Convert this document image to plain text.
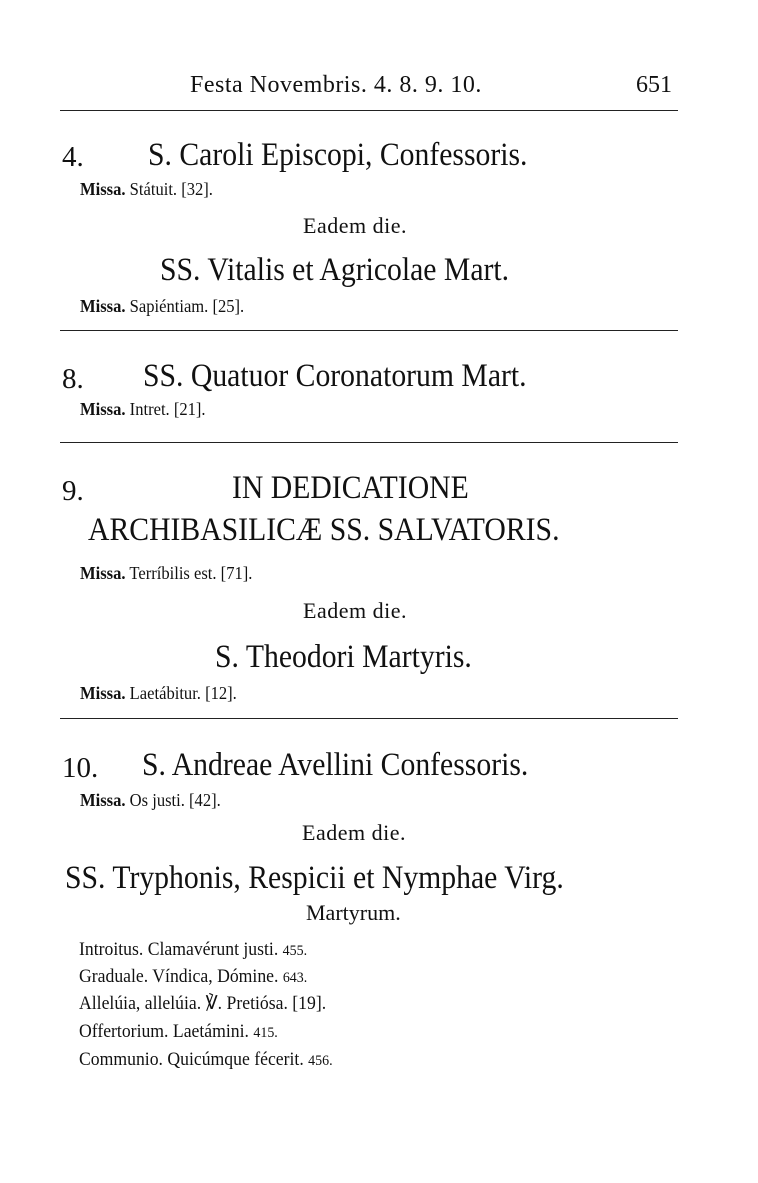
Festa Novembris. 4. 8. 9. 10.	651
4. S. Caroli Episcopi, Confessoris.
Missa. Státuit. [32].
Eadem die.
SS. Vitalis et Agricolae Mart.
Missa. Sapiéntiam. [25].
8. SS. Quatuor Coronatorum Mart.
Missa. Intret. [21].
9.	IN DEDICATIONE
ARCHIBASILICÆ SS. SALVATORIS.
Missa. Terríbilis est. [71].
Eadem die.
S. Theodori Martyris.
Missa. Laetábitur. [12].
10. S. Andreae Avellini Confessoris.
Missa. Os justi. [42].
Eadem die.
SS. Tryphonis, Respicii et Nymphae Virg.
Martyrum.
Introitus. Clamavérunt justi. 455.
Graduale. Víndica, Dómine. 643.
Allelúia, allelúia. ℣. Pretiósa. [19].
Offertorium. Laetámini. 415.
Communio. Quicúmque fécerit. 456.
